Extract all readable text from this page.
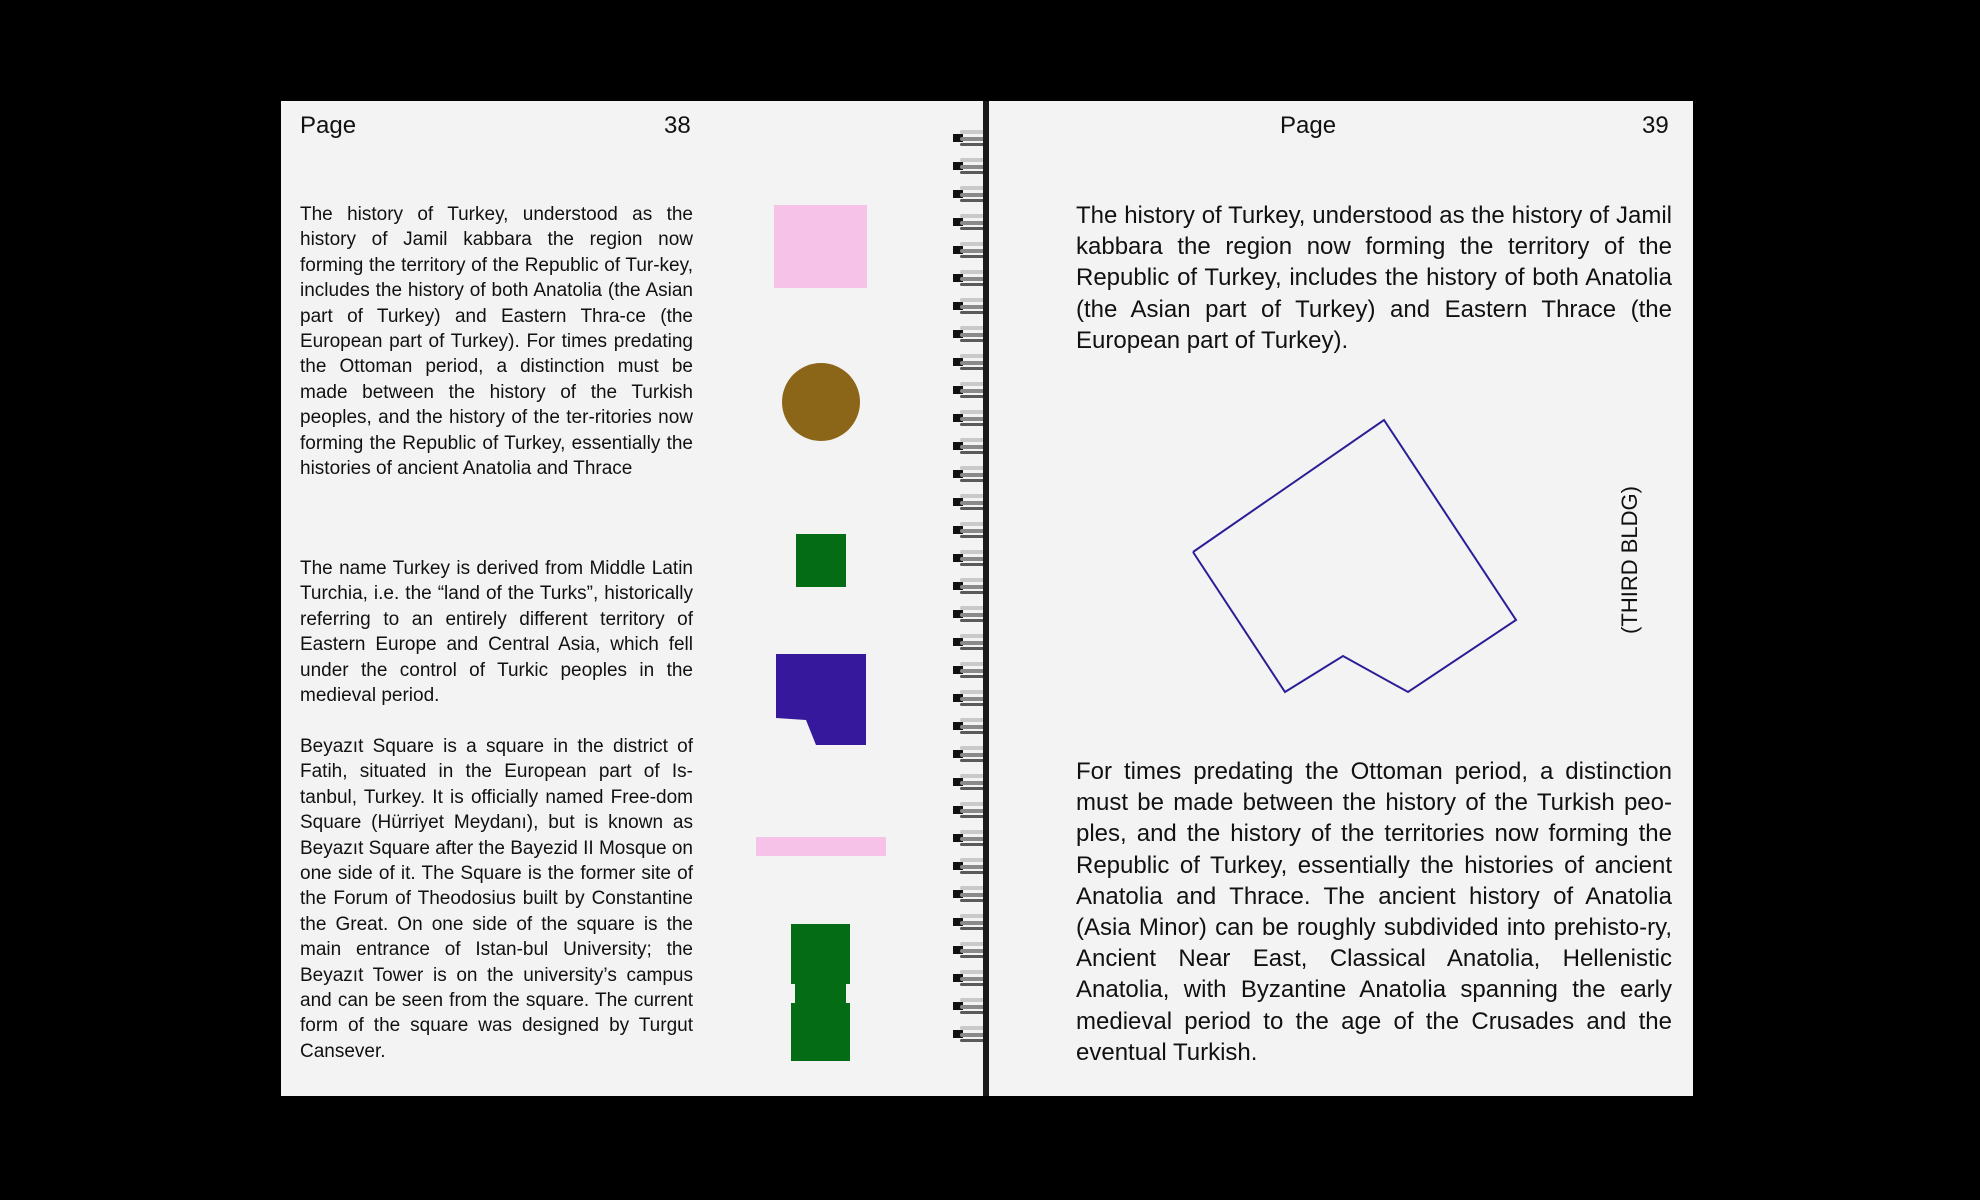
Page	38

The history of Turkey, understood as the history of Jamil kabbara the region now forming the territory of the Republic of Tur-key, includes the history of both Anatolia (the Asian part of Turkey) and Eastern Thra-ce (the European part of Turkey). For times predating the Ottoman period, a distinction must be made between the history of the Turkish peoples, and the history of the ter-ritories now forming the Republic of Turkey, essentially the histories of ancient Anatolia and Thrace

The name Turkey is derived from Middle Latin Turchia, i.e. the “land of the Turks”, historically referring to an entirely different territory of Eastern Europe and Central Asia, which fell under the control of Turkic peoples in the medieval period.

Beyazıt Square is a square in the district of Fatih, situated in the European part of Is-tanbul, Turkey. It is officially named Free-dom Square (Hürriyet Meydanı), but is known as Beyazıt Square after the Bayezid II Mosque on one side of it. The Square is the former site of the Forum of Theodosius built by Constantine the Great. On one side of the square is the main entrance of Istan-bul University; the Beyazıt Tower is on the university’s campus and can be seen from the square. The current form of the square was designed by Turgut Cansever.

Page	39

The history of Turkey, understood as the history of Jamil kabbara the region now forming the territory of the Republic of Turkey, includes the history of both Anatolia (the Asian part of Turkey) and Eastern Thrace (the European part of Turkey).

(THIRD BLDG)

For times predating the Ottoman period, a distinction must be made between the history of the Turkish peo-ples, and the history of the territories now forming the Republic of Turkey, essentially the histories of ancient Anatolia and Thrace. The ancient history of Anatolia (Asia Minor) can be roughly subdivided into prehisto-ry, Ancient Near East, Classical Anatolia, Hellenistic Anatolia, with Byzantine Anatolia spanning the early medieval period to the age of the Crusades and the eventual Turkish.
